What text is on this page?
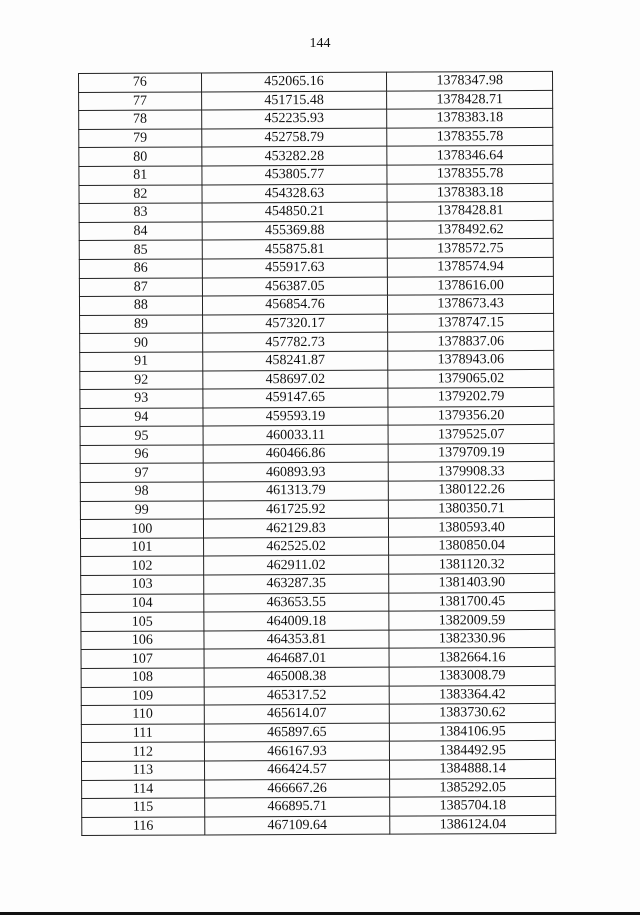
144
76	452065.16	1378347.98
77	451715.48	1378428.71
78	452235.93	1378383.18
79	452758.79	1378355.78
80	453282.28	1378346.64
81	453805.77	1378355.78
82	454328.63	1378383.18
83	454850.21	1378428.81
84	455369.88	1378492.62
85	455875.81	1378572.75
86	455917.63	1378574.94
87	456387.05	1378616.00
88	456854.76	1378673.43
89	457320.17	1378747.15
90	457782.73	1378837.06
91	458241.87	1378943.06
92	458697.02	1379065.02
93	459147.65	1379202.79
94	459593.19	1379356.20
95	460033.11	1379525.07
96	460466.86	1379709.19
97	460893.93	1379908.33
98	461313.79	1380122.26
99	461725.92	1380350.71
100	462129.83	1380593.40
101	462525.02	1380850.04
102	462911.02	1381120.32
103	463287.35	1381403.90
104	463653.55	1381700.45
105	464009.18	1382009.59
106	464353.81	1382330.96
107	464687.01	1382664.16
108	465008.38	1383008.79
109	465317.52	1383364.42
110	465614.07	1383730.62
111	465897.65	1384106.95
112	466167.93	1384492.95
113	466424.57	1384888.14
114	466667.26	1385292.05
115	466895.71	1385704.18
116	467109.64	1386124.04
